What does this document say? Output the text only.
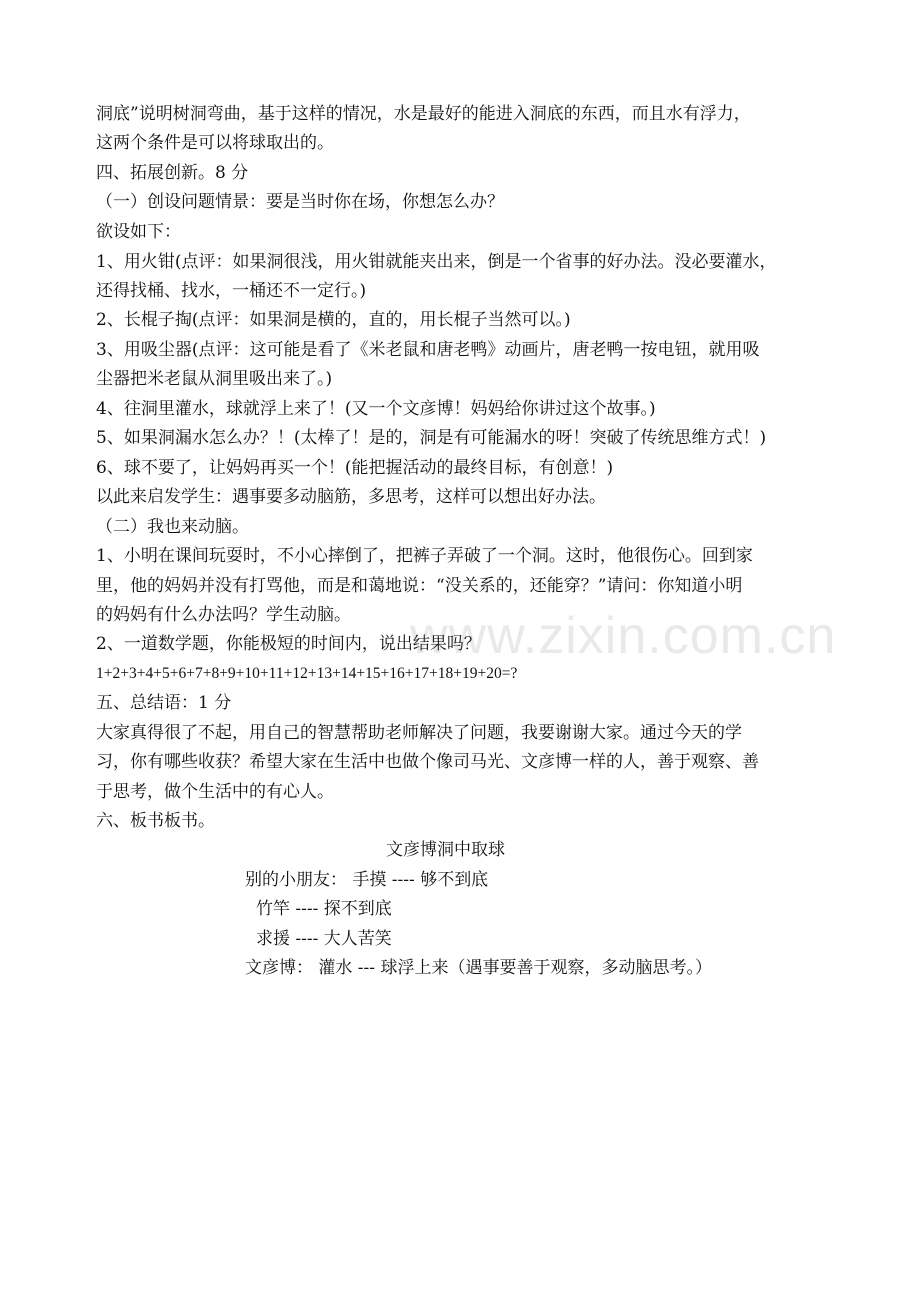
洞底”说明树洞弯曲，基于这样的情况，水是最好的能进入洞底的东西，而且水有浮力，
这两个条件是可以将球取出的。
四、拓展创新。8 分
（一）创设问题情景：要是当时你在场，你想怎么办？
欲设如下：
1、用火钳(点评：如果洞很浅，用火钳就能夹出来，倒是一个省事的好办法。没必要灌水，
还得找桶、找水，一桶还不一定行。)
2、长棍子掏(点评：如果洞是横的，直的，用长棍子当然可以。)
3、用吸尘器(点评：这可能是看了《米老鼠和唐老鸭》动画片，唐老鸭一按电钮，就用吸
尘器把米老鼠从洞里吸出来了。)
4、往洞里灌水，球就浮上来了！(又一个文彦博！妈妈给你讲过这个故事。)
5、如果洞漏水怎么办？！(太棒了！是的，洞是有可能漏水的呀！突破了传统思维方式！)
6、球不要了，让妈妈再买一个！(能把握活动的最终目标，有创意！)
以此来启发学生：遇事要多动脑筋，多思考，这样可以想出好办法。
（二）我也来动脑。
1、小明在课间玩耍时，不小心摔倒了，把裤子弄破了一个洞。这时，他很伤心。回到家
里，他的妈妈并没有打骂他，而是和蔼地说：“没关系的，还能穿？”请问：你知道小明
的妈妈有什么办法吗？学生动脑。
2、一道数学题，你能极短的时间内，说出结果吗？
1+2+3+4+5+6+7+8+9+10+11+12+13+14+15+16+17+18+19+20=?
五、总结语：1 分
大家真得很了不起，用自己的智慧帮助老师解决了问题，我要谢谢大家。通过今天的学
习，你有哪些收获？希望大家在生活中也做个像司马光、文彦博一样的人，善于观察、善
于思考，做个生活中的有心人。
六、板书板书。
文彦博洞中取球
别的小朋友： 手摸 ---- 够不到底
竹竿 ---- 探不到底
求援 ---- 大人苦笑
文彦博： 灌水 --- 球浮上来（遇事要善于观察，多动脑思考。）
www.zixin.com.cn
